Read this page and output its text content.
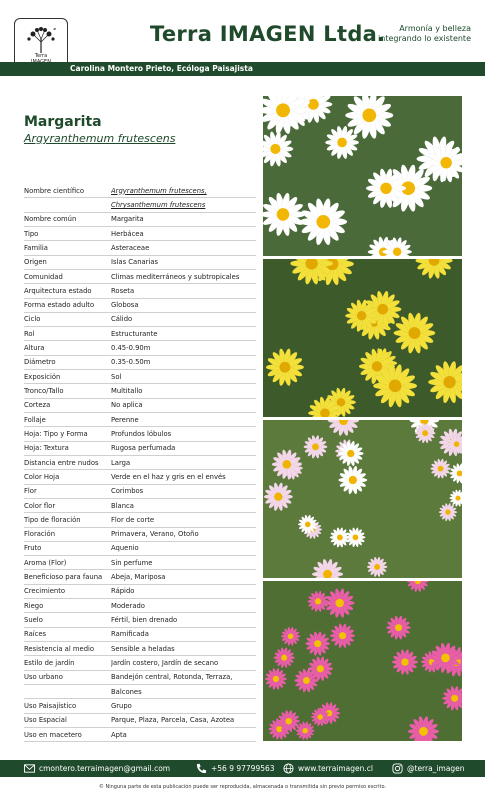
Terra
Terra IMAGEN Ltda.	Armonía y belleza
integrando lo existente
Carolina Montero Prieto, Ecóloga Paisajista
Margarita
Argyranthemum frutescens
Nombre científico	Argyranthemum frutescens,
Chrysanthemum frutescens
Nombre común	Margarita
Tipo	Herbácea
Familia	Asteraceae
Origen	Islas Canarias
Comunidad	Climas mediterráneos y subtropicales
Arquitectura estado	Roseta
Forma estado adulto	Globosa
Ciclo	Cálido
Rol	Estructurante
Altura	0.45-0.90m
Diámetro	0.35-0.50m
Exposición	Sol
Tronco/Tallo	Multitallo
Corteza	No aplica
Follaje	Perenne
Hoja: Tipo y Forma	Profundos lóbulos
Hoja: Textura	Rugosa perfumada
Distancia entre nudos	Larga
Color Hoja	Verde en el haz y gris en el envés
Flor	Corimbos
Color flor	Blanca
Tipo de floración	Flor de corte
Floración	Primavera, Verano, Otoño
Fruto	Aquenio
Aroma (Flor)	Sin perfume
Beneficioso para fauna	Abeja, Mariposa
Crecimiento	Rápido
Riego	Moderado
Suelo	Fértil, bien drenado
Raíces	Ramificada
Resistencia al medio	Sensible a heladas
Estilo de jardín	Jardín costero, Jardín de secano
Uso urbano	Bandejón central, Rotonda, Terraza,
Balcones
Uso Paisajístico	Grupo
Uso Espacial	Parque, Plaza, Parcela, Casa, Azotea
Uso en macetero	Apta
cmontero.terraimagen@gmail.com	+56 9 97799563	www.terraimagen.cl	@terra_imagen
© Ninguna parte de esta publicación puede ser reproducida, almacenada o transmitida sin previo permiso escrito.
